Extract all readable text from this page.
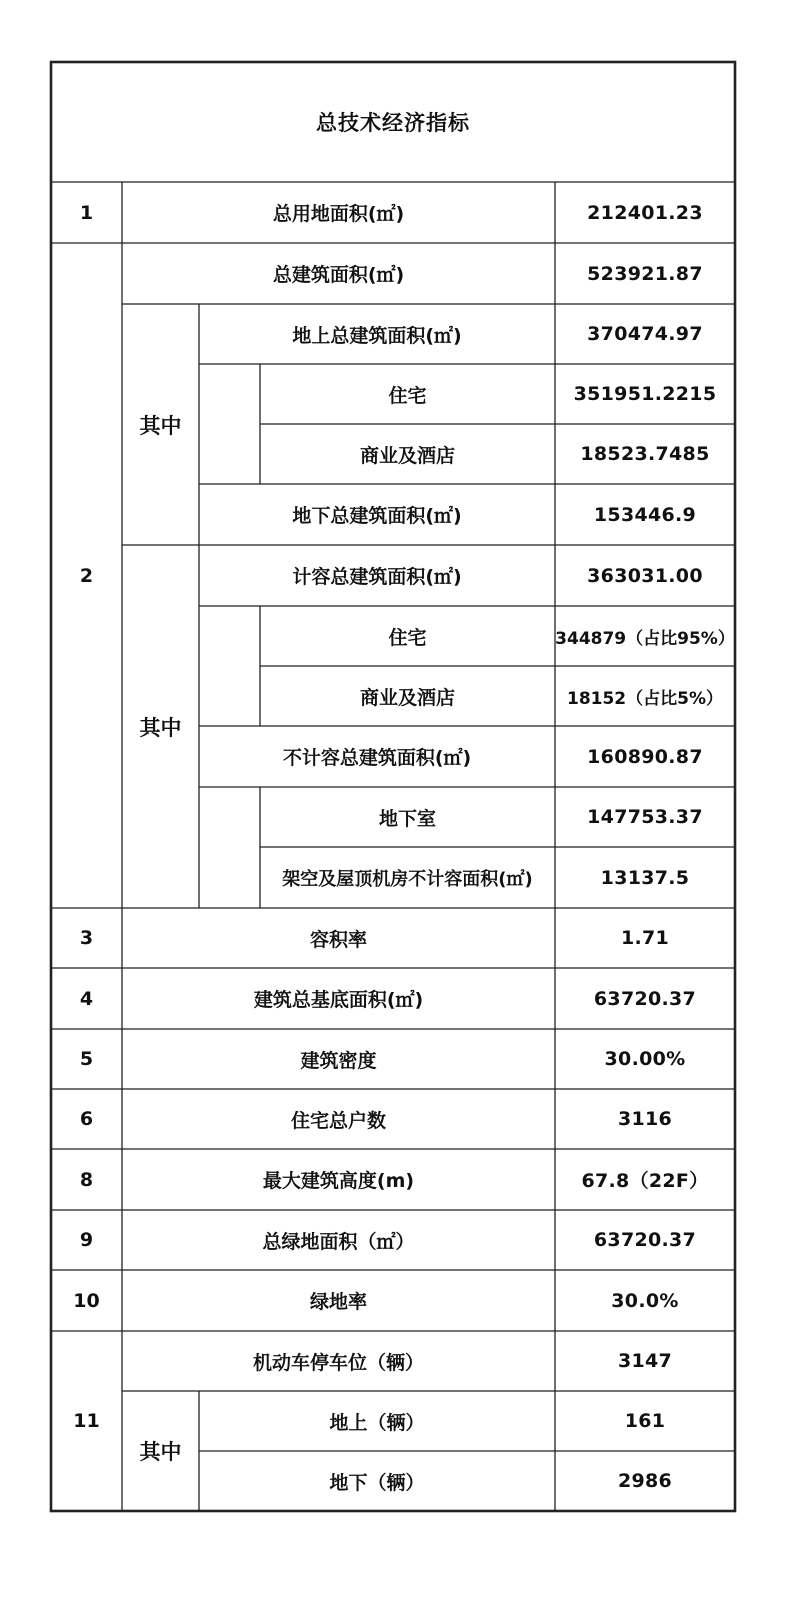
总技术经济指标
1
2
3
4
5
6
8
9
10
11
其中
其中
其中
总用地面积(㎡)
总建筑面积(㎡)
地上总建筑面积(㎡)
住宅
商业及酒店
地下总建筑面积(㎡)
计容总建筑面积(㎡)
住宅
商业及酒店
不计容总建筑面积(㎡)
地下室
架空及屋顶机房不计容面积(㎡)
容积率
建筑总基底面积(㎡)
建筑密度
住宅总户数
最大建筑高度(m)
总绿地面积（㎡）
绿地率
机动车停车位（辆）
地上（辆）
地下（辆）
212401.23
523921.87
370474.97
351951.2215
18523.7485
153446.9
363031.00
344879（占比95%）
18152（占比5%）
160890.87
147753.37
13137.5
1.71
63720.37
30.00%
3116
67.8（22F）
63720.37
30.0%
3147
161
2986
